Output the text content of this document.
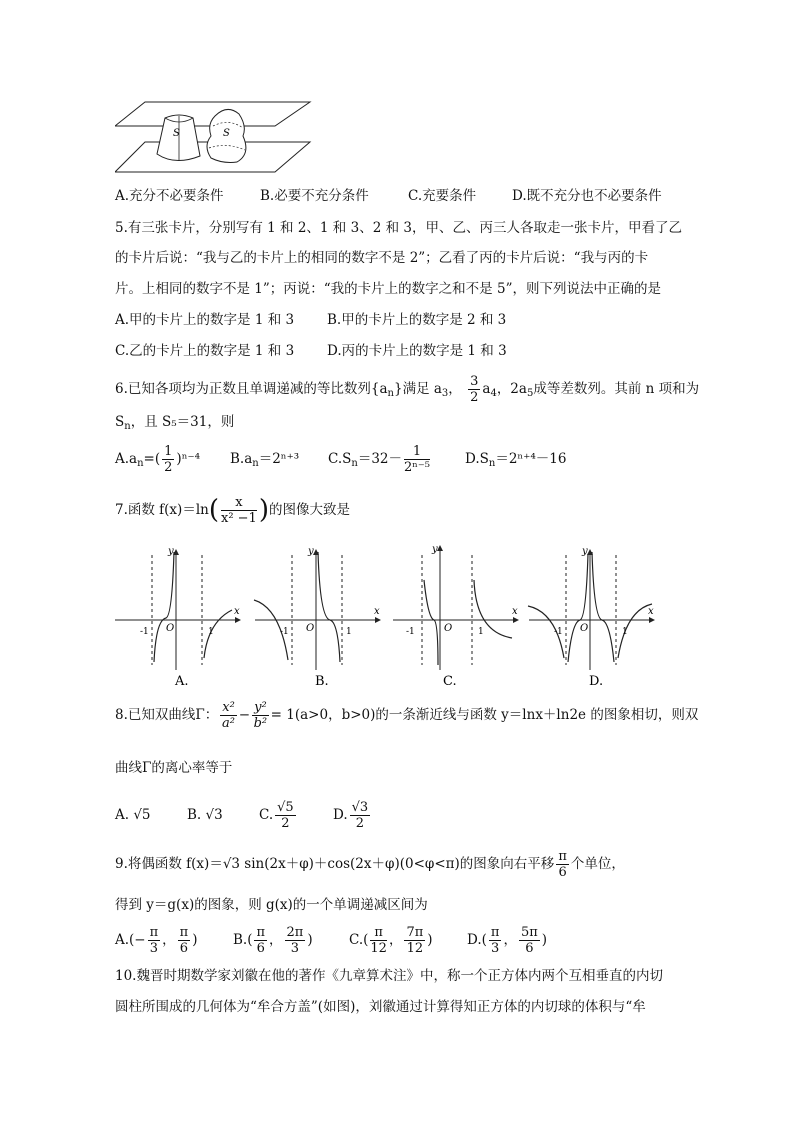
S	S
A.充分不必要条件	B.必要不充分条件	C.充要条件	D.既不充分也不必要条件
5.有三张卡片，分别写有 1 和 2、1 和 3、2 和 3，甲、乙、丙三人各取走一张卡片，甲看了乙
的卡片后说：“我与乙的卡片上的相同的数字不是 2”；乙看了丙的卡片后说：“我与丙的卡
片。上相同的数字不是 1”；丙说：“我的卡片上的数字之和不是 5”，则下列说法中正确的是
A.甲的卡片上的数字是 1 和 3 B.甲的卡片上的数字是 2 和 3
C.乙的卡片上的数字是 1 和 3 D.丙的卡片上的数字是 1 和 3
6.已知各项均为正数且单调递减的等比数列$\{a_n\}$满足 $a_3$， $\frac{3}{2} a_4$，$2a_5$成等差数列。其前 n 项和为
$S_n$，且 S₅＝31，则
$A.a_n=( \frac{1}{2} )^{n-4}$ $B.a_n=2^{n+3}$ $C.S_n=32- \frac{1}{\text{2ⁿ⁻⁵}}$	$D.S_n=2^{n+4}-16$
7.函数 $f(x)=\ln( \frac{x}{\text{x² −1}}$ )的图像大致是
-1 O	1
x
y
A.
-1 O	1
x
y
B.
-1	O	1
x
y
C.
-1 O	1
x
y
D.
8.已知双曲线Γ： $\frac{\text{x²}}{\text{a²}} - \frac{\text{y²}}{\text{b²}} = 1(a>0$，b>0)的一条渐近线与函数 y＝lnx＋ln2e 的图象相切，则双
曲线Γ的离心率等于
A. √5	B. √3	C. $\frac{√5}{2}$	D. $\frac{√3}{2}$
9.将偶函数 f(x)＝√3 sin(2x＋φ)＋cos(2x＋φ)(0<φ<π)的图象向右平移 $\frac{\pi}{6}$ 个单位，
得到 y＝g(x)的图象，则 g(x)的一个单调递减区间为
$A.(- \frac{\pi}{3}$ ， $\frac{\pi}{6}$ )	$B.( \frac{\pi}{6}$ ， $\frac{2\pi}{3}$ )	$C.( \frac{\pi}{12}$ ， $\frac{7\pi}{12}$ )	$D.( \frac{\pi}{3}$ ， $\frac{5\pi}{6}$ )
10.魏晋时期数学家刘徽在他的著作《九章算术注》中，称一个正方体内两个互相垂直的内切
圆柱所围成的几何体为“牟合方盖”(如图)，刘徽通过计算得知正方体的内切球的体积与“牟
